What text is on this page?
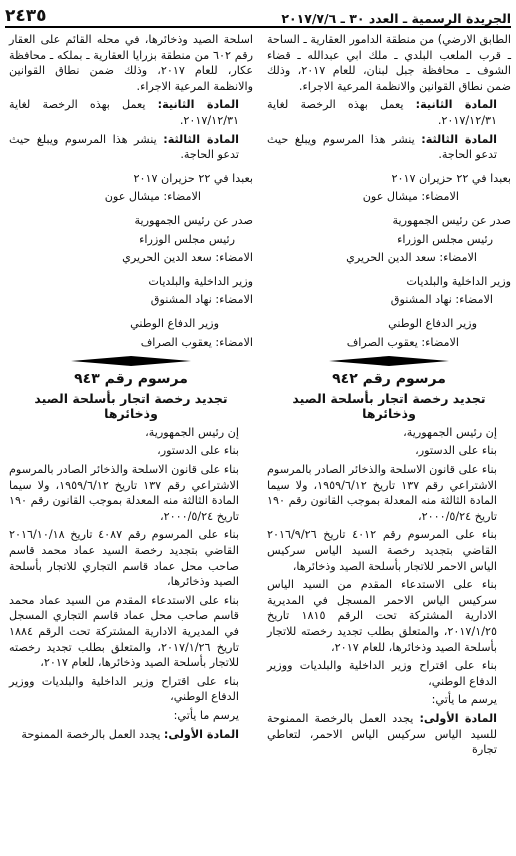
الجريدة الرسمية ـ العدد ٣٠ ـ ٢٠١٧/٧/٦
٢٤٣٥

الطابق الارضي) من منطقة الدامور العقارية ـ الساحة ـ قرب الملعب البلدي ـ ملك ابي عبدالله ـ قضاء الشوف ـ محافظة جبل لبنان، للعام ٢٠١٧، وذلك ضمن نطاق القوانين والانظمة المرعية الاجراء.

المادة الثانية: يعمل بهذه الرخصة لغاية ٢٠١٧/١٢/٣١.

المادة الثالثة: ينشر هذا المرسوم ويبلغ حيث تدعو الحاجة.

بعبدا في ٢٢ حزيران ٢٠١٧

الامضاء: ميشال عون

صدر عن رئيس الجمهورية

رئيس مجلس الوزراء

الامضاء: سعد الدين الحريري

وزير الداخلية والبلديات

الامضاء: نهاد المشنوق

وزير الدفاع الوطني

الامضاء: يعقوب الصراف

مرسوم رقم ٩٤٢

تجديد رخصة اتجار بأسلحة الصيد وذخائرها

إن رئيس الجمهورية،

بناء على الدستور،

بناء على قانون الاسلحة والذخائر الصادر بالمرسوم الاشتراعي رقم ١٣٧ تاريخ ١٩٥٩/٦/١٢، ولا سيما المادة الثالثة منه المعدلة بموجب القانون رقم ١٩٠ تاريخ ٢٠٠٠/٥/٢٤،

بناء على المرسوم رقم ٤٠١٢ تاريخ ٢٠١٦/٩/٢٦ القاضي بتجديد رخصة السيد الياس سركيس الياس الاحمر للاتجار بأسلحة الصيد وذخائرها،

بناء على الاستدعاء المقدم من السيد الياس سركيس الياس الاحمر المسجل في المديرية الادارية المشتركة تحت الرقم ١٨١٥ تاريخ ٢٠١٧/١/٢٥، والمتعلق بطلب تجديد رخصته للاتجار بأسلحة الصيد وذخائرها، للعام ٢٠١٧،

بناء على اقتراح وزير الداخلية والبلديات ووزير الدفاع الوطني،

يرسم ما يأتي:

المادة الأولى: يجدد العمل بالرخصة الممنوحة للسيد الياس سركيس الياس الاحمر، لتعاطي تجارة

اسلحة الصيد وذخائرها، في محله القائم على العقار رقم ٦٠٢ من منطقة بزرايا العقارية ـ بملكه ـ محافظة عكار، للعام ٢٠١٧، وذلك ضمن نطاق القوانين والانظمة المرعية الاجراء.

المادة الثانية: يعمل بهذه الرخصة لغاية ٢٠١٧/١٢/٣١.

المادة الثالثة: ينشر هذا المرسوم ويبلغ حيث تدعو الحاجة.

بعبدا في ٢٢ حزيران ٢٠١٧

الامضاء: ميشال عون

صدر عن رئيس الجمهورية

رئيس مجلس الوزراء

الامضاء: سعد الدين الحريري

وزير الداخلية والبلديات

الامضاء: نهاد المشنوق

وزير الدفاع الوطني

الامضاء: يعقوب الصراف

مرسوم رقم ٩٤٣

تجديد رخصة اتجار بأسلحة الصيد وذخائرها

إن رئيس الجمهورية،

بناء على الدستور،

بناء على قانون الاسلحة والذخائر الصادر بالمرسوم الاشتراعي رقم ١٣٧ تاريخ ١٩٥٩/٦/١٢، ولا سيما المادة الثالثة منه المعدلة بموجب القانون رقم ١٩٠ تاريخ ٢٠٠٠/٥/٢٤،

بناء على المرسوم رقم ٤٠٨٧ تاريخ ٢٠١٦/١٠/١٨ القاضي بتجديد رخصة السيد عماد محمد قاسم صاحب محل عماد قاسم التجاري للاتجار بأسلحة الصيد وذخائرها،

بناء على الاستدعاء المقدم من السيد عماد محمد قاسم صاحب محل عماد قاسم التجاري المسجل في المديرية الادارية المشتركة تحت الرقم ١٨٨٤ تاريخ ٢٠١٧/١/٢٦، والمتعلق بطلب تجديد رخصته للاتجار بأسلحة الصيد وذخائرها، للعام ٢٠١٧،

بناء على اقتراح وزير الداخلية والبلديات ووزير الدفاع الوطني،

يرسم ما يأتي:

المادة الأولى: يجدد العمل بالرخصة الممنوحة
